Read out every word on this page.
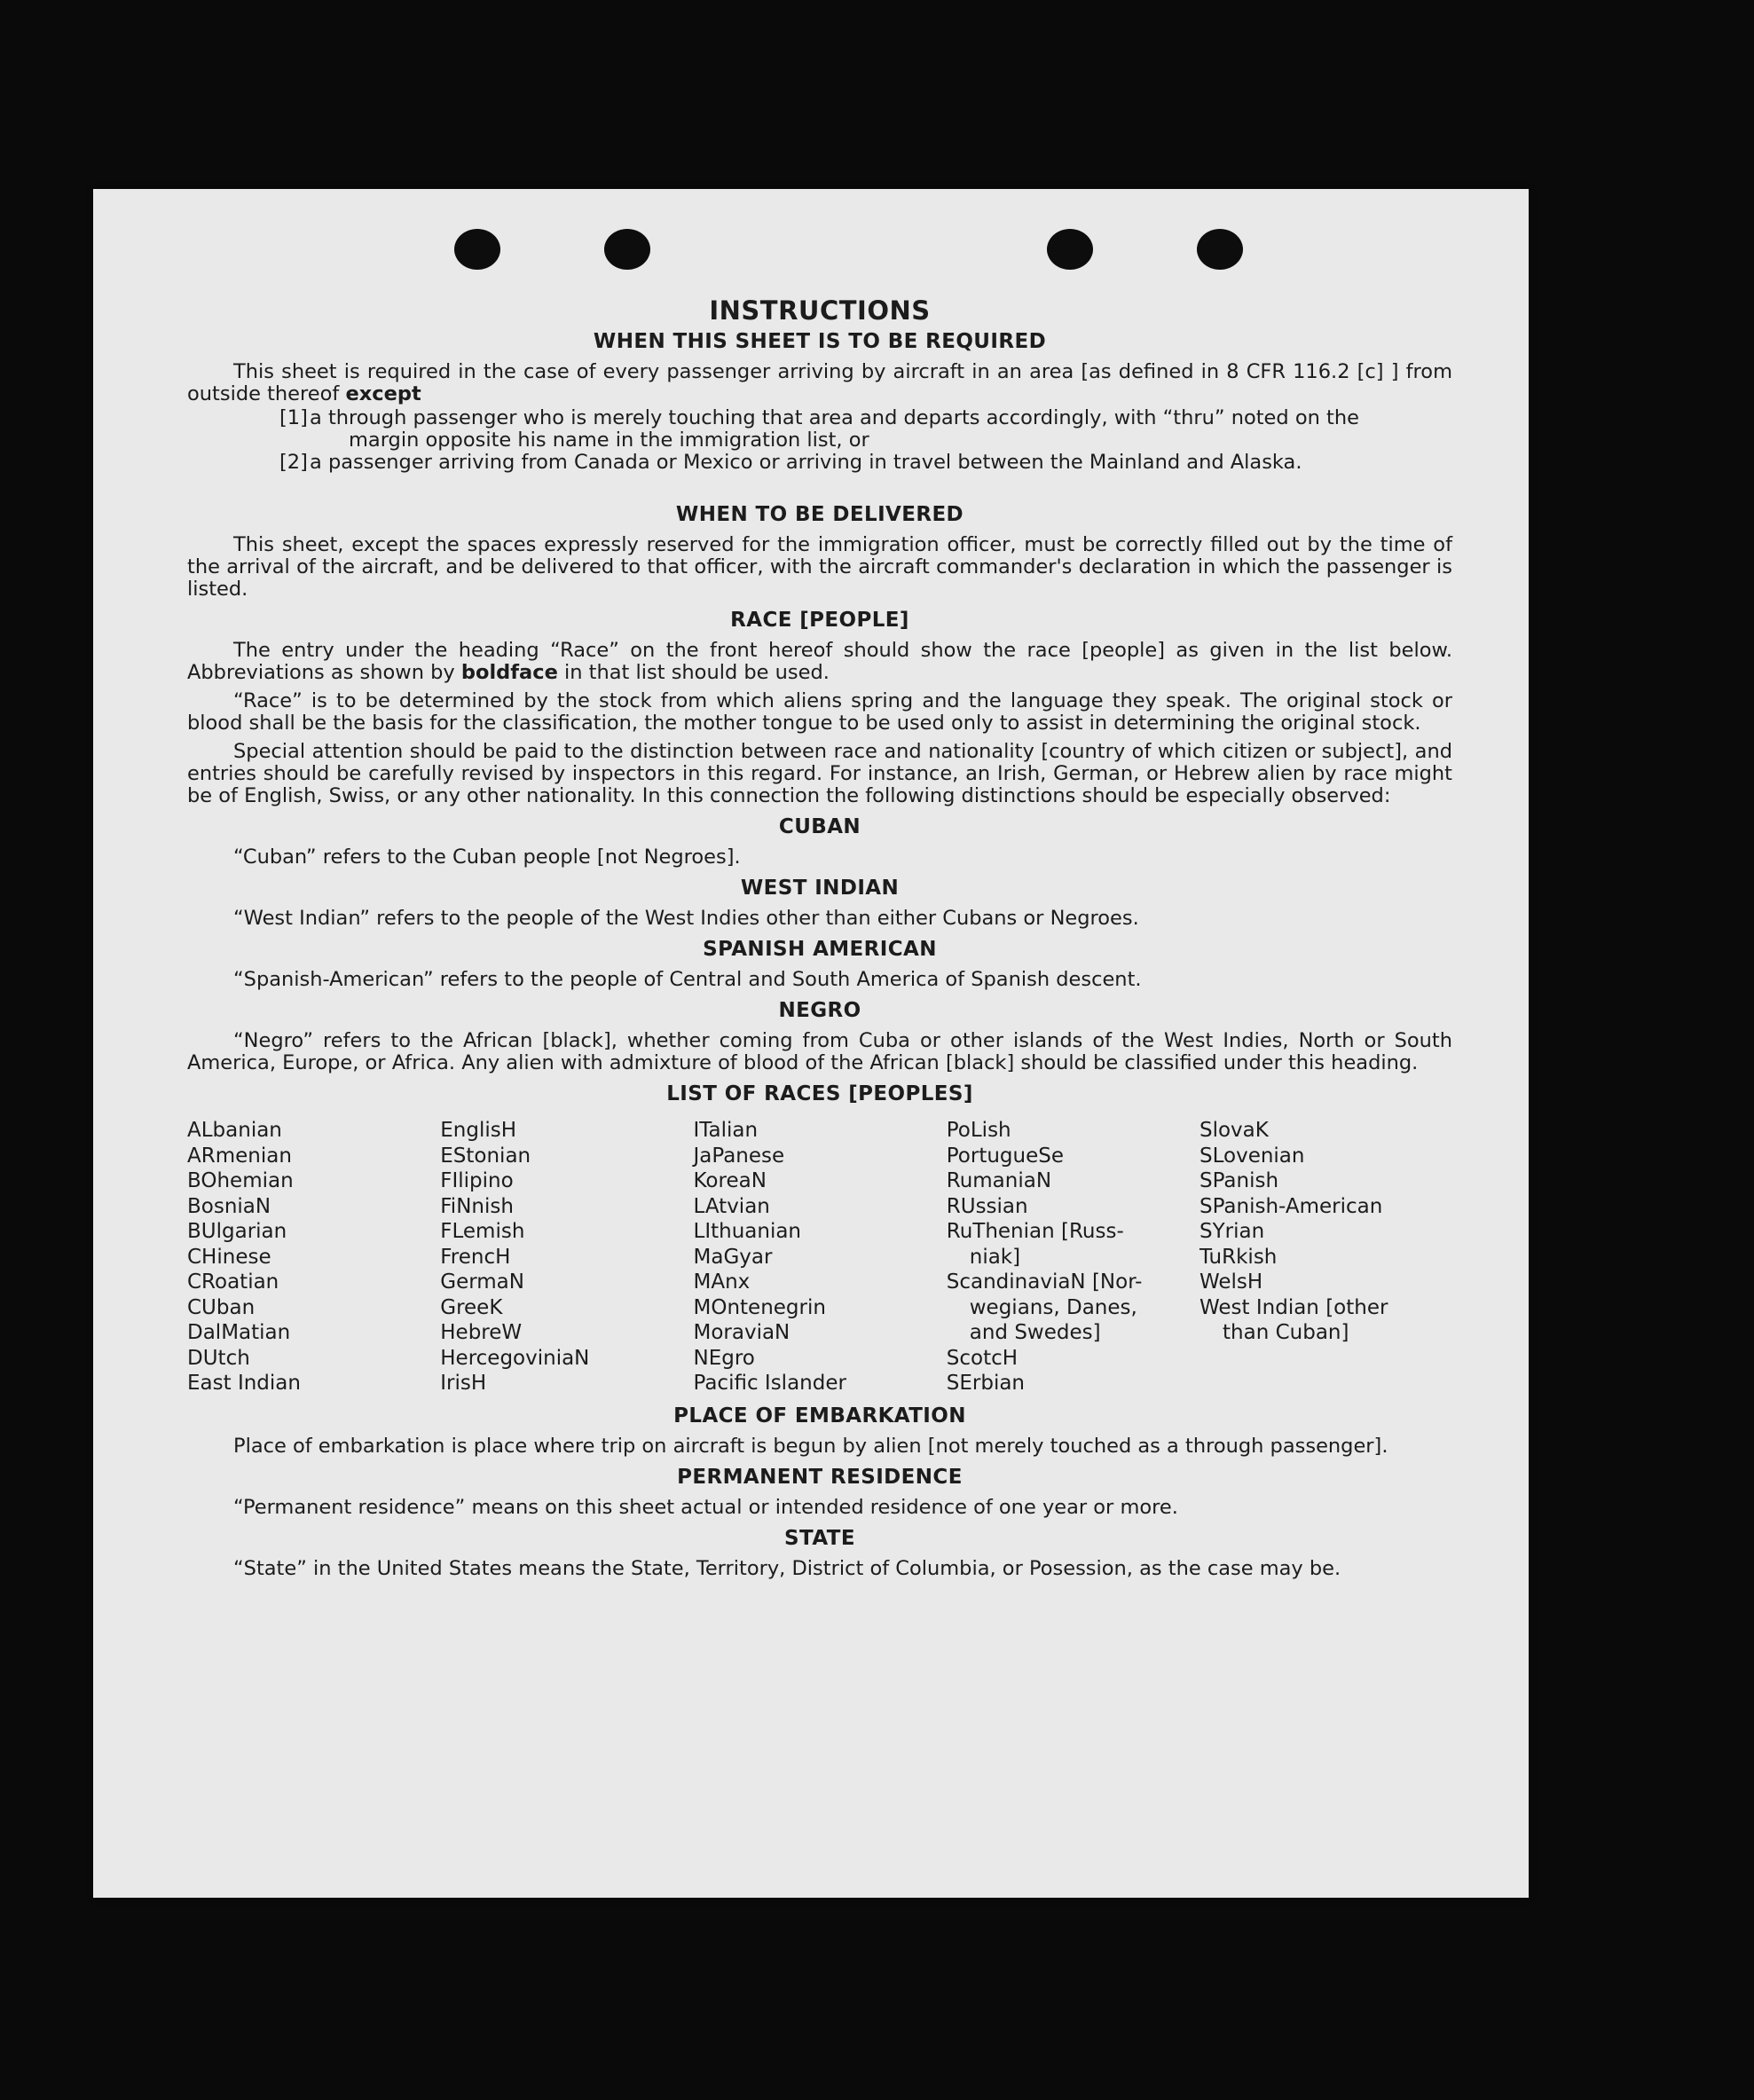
INSTRUCTIONS
WHEN THIS SHEET IS TO BE REQUIRED

This sheet is required in the case of every passenger arriving by aircraft in an area [as defined in 8 CFR 116.2 [c] ] from outside thereof except

[1] a through passenger who is merely touching that area and departs accordingly, with “thru” noted on the
margin opposite his name in the immigration list, or
[2] a passenger arriving from Canada or Mexico or arriving in travel between the Mainland and Alaska.
WHEN TO BE DELIVERED

This sheet, except the spaces expressly reserved for the immigration officer, must be correctly filled out by the time of the arrival of the aircraft, and be delivered to that officer, with the aircraft commander's declaration in which the passenger is listed.

RACE [PEOPLE]

The entry under the heading “Race” on the front hereof should show the race [people] as given in the list below. Abbreviations as shown by boldface in that list should be used.

“Race” is to be determined by the stock from which aliens spring and the language they speak. The original stock or blood shall be the basis for the classification, the mother tongue to be used only to assist in determining the original stock.

Special attention should be paid to the distinction between race and nationality [country of which citizen or subject], and entries should be carefully revised by inspectors in this regard. For instance, an Irish, German, or Hebrew alien by race might be of English, Swiss, or any other nationality. In this connection the following distinctions should be especially observed:

CUBAN

“Cuban” refers to the Cuban people [not Negroes].

WEST INDIAN

“West Indian” refers to the people of the West Indies other than either Cubans or Negroes.

SPANISH AMERICAN

“Spanish-American” refers to the people of Central and South America of Spanish descent.

NEGRO

“Negro” refers to the African [black], whether coming from Cuba or other islands of the West Indies, North or South America, Europe, or Africa. Any alien with admixture of blood of the African [black] should be classified under this heading.

LIST OF RACES [PEOPLES]
ALbanian
ARmenian
BOhemian
BosniaN
BUlgarian
CHinese
CRoatian
CUban
DalMatian
DUtch
East Indian
EnglisH
EStonian
FIlipino
FiNnish
FLemish
FrencH
GermaN
GreeK
HebreW
HercegoviniaN
IrisH
ITalian
JaPanese
KoreaN
LAtvian
LIthuanian
MaGyar
MAnx
MOntenegrin
MoraviaN
NEgro
Pacific Islander
PoLish
PortugueSe
RumaniaN
RUssian
RuThenian [Russ-
niak]
ScandinaviaN [Nor-
wegians, Danes,
and Swedes]
ScotcH
SErbian
SlovaK
SLovenian
SPanish
SPanish-American
SYrian
TuRkish
WelsH
West Indian [other
than Cuban]
PLACE OF EMBARKATION

Place of embarkation is place where trip on aircraft is begun by alien [not merely touched as a through passenger].

PERMANENT RESIDENCE

“Permanent residence” means on this sheet actual or intended residence of one year or more.

STATE

“State” in the United States means the State, Territory, District of Columbia, or Posession, as the case may be.
